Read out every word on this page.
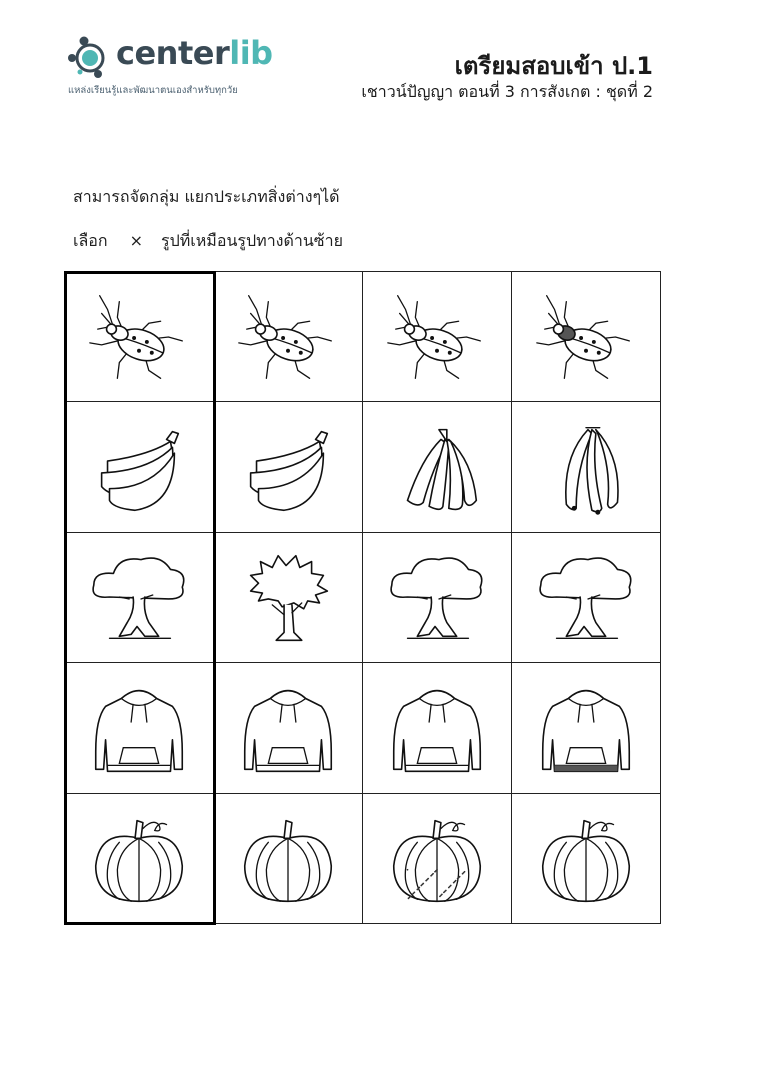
centerlib
แหล่งเรียนรู้และพัฒนาตนเองสำหรับทุกวัย
เตรียมสอบเข้า ป.1
เชาวน์ปัญญา ตอนที่ 3 การสังเกต : ชุดที่ 2
สามารถจัดกลุ่ม แยกประเภทสิ่งต่างๆได้
เลือก × รูปที่เหมือนรูปทางด้านซ้าย
